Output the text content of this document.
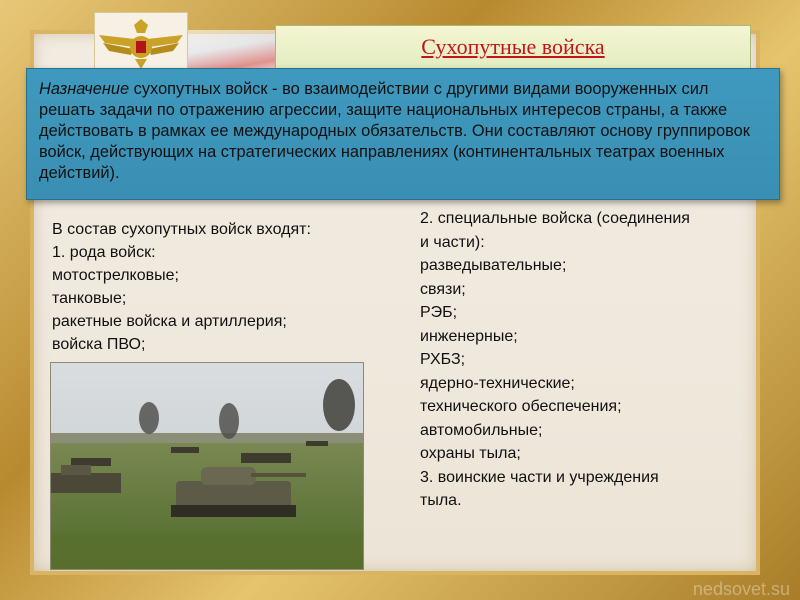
Сухопутные войска

Назначение сухопутных войск - во взаимодействии с другими видами вооруженных сил решать задачи по отражению агрессии, защите национальных интересов страны, а также действовать в рамках ее международных обязательств. Они составляют основу группировок войск, действующих на стратегических направлениях (континентальных театрах военных действий).

В состав сухопутных войск входят:
1. рода войск:
мотострелковые;
танковые;
ракетные войска и артиллерия;
войска ПВО;
2. специальные войска (соединения
и части):
разведывательные;
связи;
РЭБ;
инженерные;
РХБЗ;
ядерно-технические;
технического обеспечения;
автомобильные;
охраны тыла;
3. воинские части и учреждения
тыла.
nedsovet.su
